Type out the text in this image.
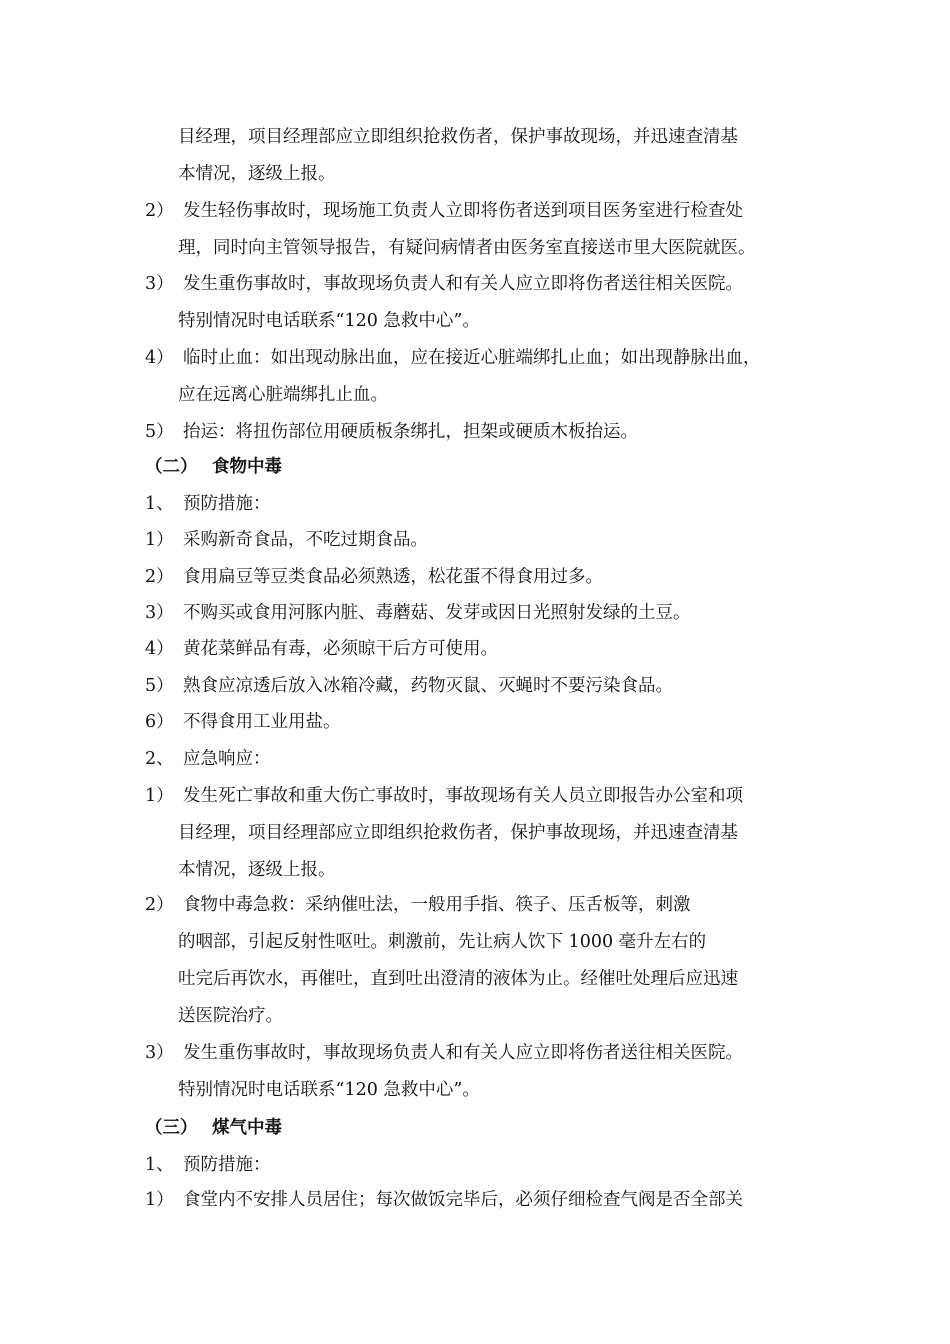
目经理，项目经理部应立即组织抢救伤者，保护事故现场，并迅速查清基
本情况，逐级上报。
2） 发生轻伤事故时，现场施工负责人立即将伤者送到项目医务室进行检查处
理，同时向主管领导报告，有疑问病情者由医务室直接送市里大医院就医。
3） 发生重伤事故时，事故现场负责人和有关人应立即将伤者送往相关医院。
特别情况时电话联系“120 急救中心”。
4） 临时止血：如出现动脉出血，应在接近心脏端绑扎止血；如出现静脉出血，
应在远离心脏端绑扎止血。
5） 抬运：将扭伤部位用硬质板条绑扎，担架或硬质木板抬运。
（二） 食物中毒
1、 预防措施：
1） 采购新奇食品，不吃过期食品。
2） 食用扁豆等豆类食品必须熟透，松花蛋不得食用过多。
3） 不购买或食用河豚内脏、毒蘑菇、发芽或因日光照射发绿的土豆。
4） 黄花菜鲜品有毒，必须晾干后方可使用。
5） 熟食应凉透后放入冰箱冷藏，药物灭鼠、灭蝇时不要污染食品。
6） 不得食用工业用盐。
2、 应急响应：
1） 发生死亡事故和重大伤亡事故时，事故现场有关人员立即报告办公室和项
目经理，项目经理部应立即组织抢救伤者，保护事故现场，并迅速查清基
本情况，逐级上报。
2） 食物中毒急救：采纳催吐法，一般用手指、筷子、压舌板等，刺激
的咽部，引起反射性呕吐。刺激前，先让病人饮下 1000 毫升左右的
吐完后再饮水，再催吐，直到吐出澄清的液体为止。经催吐处理后应迅速
送医院治疗。
3） 发生重伤事故时，事故现场负责人和有关人应立即将伤者送往相关医院。
特别情况时电话联系“120 急救中心”。
（三） 煤气中毒
1、 预防措施：
1） 食堂内不安排人员居住；每次做饭完毕后，必须仔细检查气阀是否全部关
